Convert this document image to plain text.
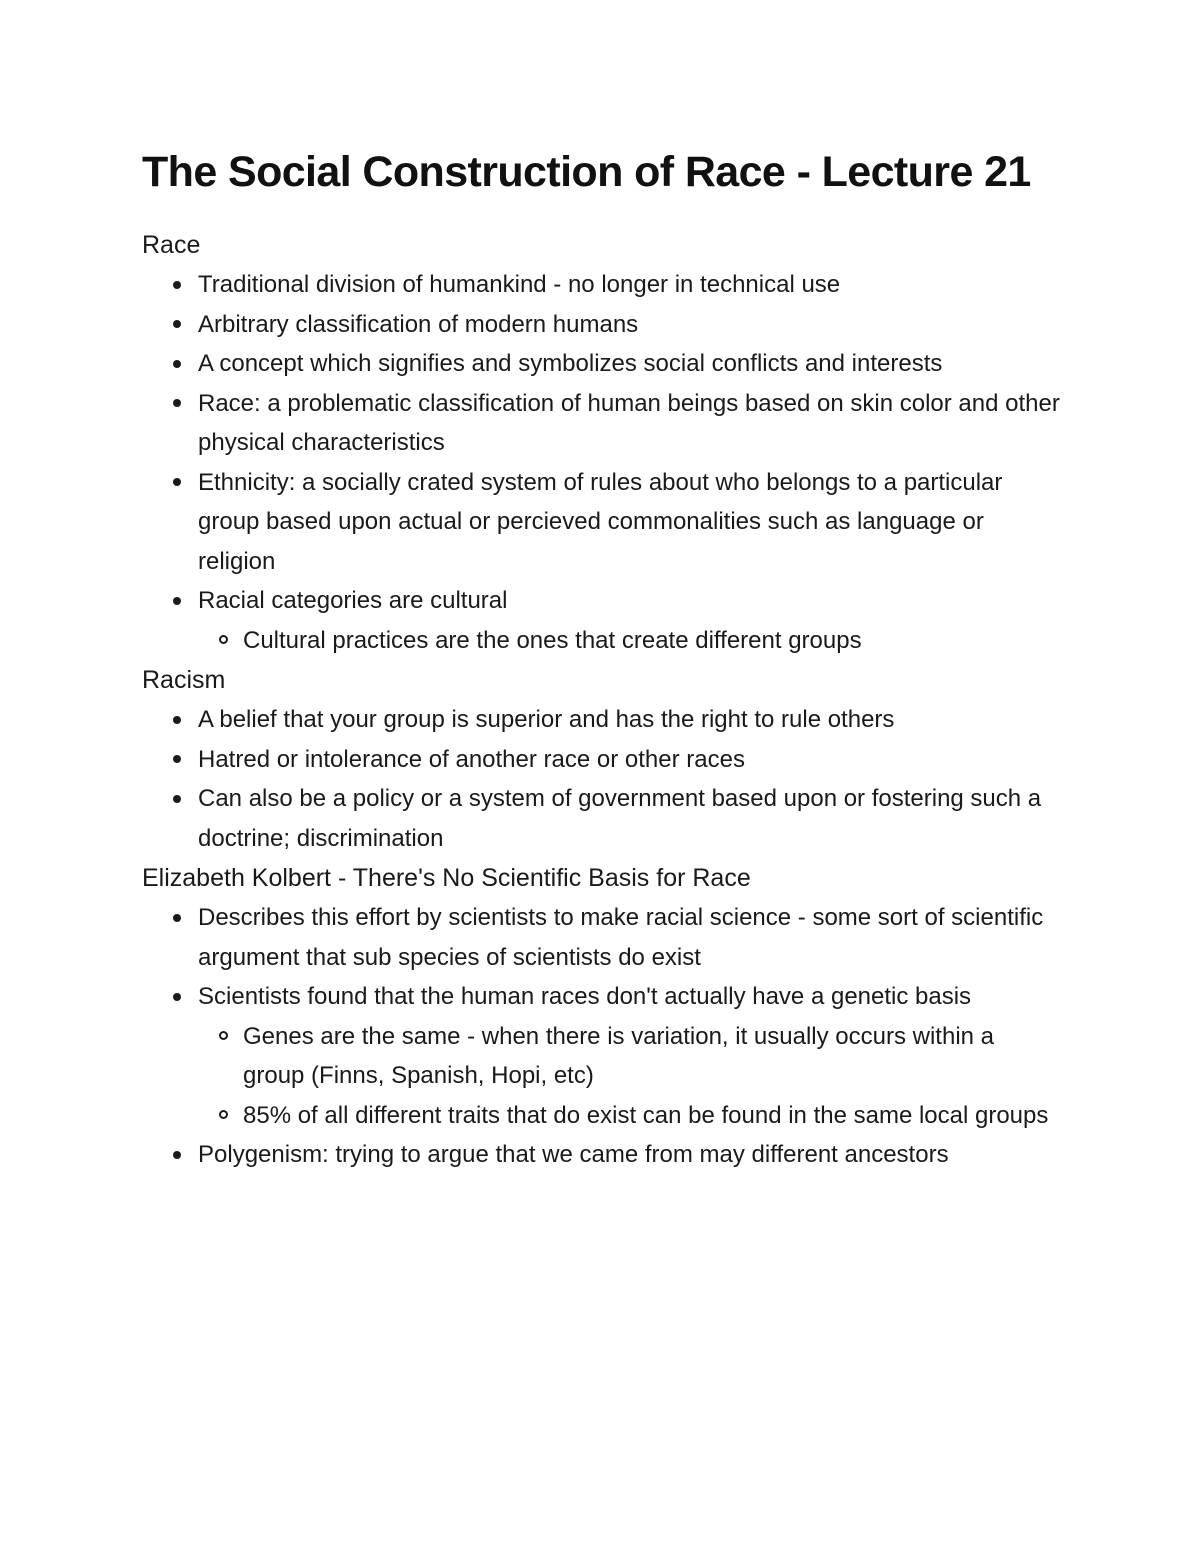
The Social Construction of Race - Lecture 21
Race
Traditional division of humankind - no longer in technical use
Arbitrary classification of modern humans
A concept which signifies and symbolizes social conflicts and interests
Race: a problematic classification of human beings based on skin color and other physical characteristics
Ethnicity: a socially crated system of rules about who belongs to a particular group based upon actual or percieved commonalities such as language or religion
Racial categories are cultural
Cultural practices are the ones that create different groups
Racism
A belief that your group is superior and has the right to rule others
Hatred or intolerance of another race or other races
Can also be a policy or a system of government based upon or fostering such a doctrine; discrimination
Elizabeth Kolbert - There's No Scientific Basis for Race
Describes this effort by scientists to make racial science - some sort of scientific argument that sub species of scientists do exist
Scientists found that the human races don't actually have a genetic basis
Genes are the same - when there is variation, it usually occurs within a group (Finns, Spanish, Hopi, etc)
85% of all different traits that do exist can be found in the same local groups
Polygenism: trying to argue that we came from may different ancestors
